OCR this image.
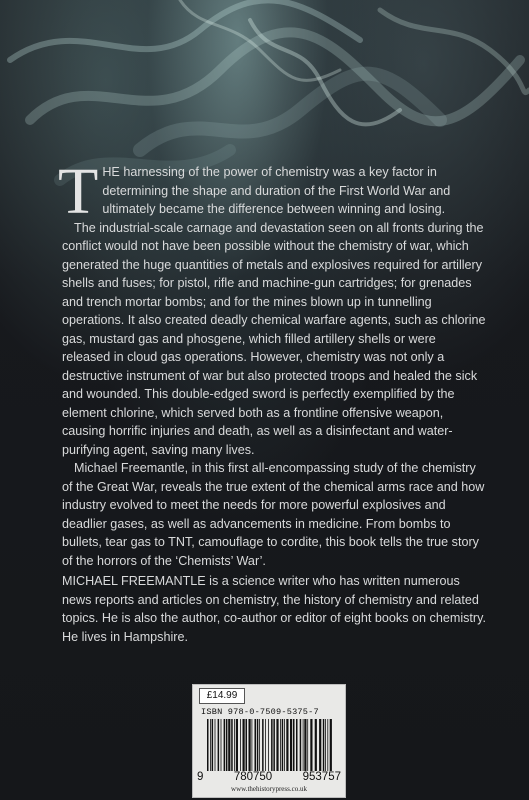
THE harnessing of the power of chemistry was a key factor in determining the shape and duration of the First World War and ultimately became the difference between winning and losing.

The industrial-scale carnage and devastation seen on all fronts during the conflict would not have been possible without the chemistry of war, which generated the huge quantities of metals and explosives required for artillery shells and fuses; for pistol, rifle and machine-gun cartridges; for grenades and trench mortar bombs; and for the mines blown up in tunnelling operations. It also created deadly chemical warfare agents, such as chlorine gas, mustard gas and phosgene, which filled artillery shells or were released in cloud gas operations. However, chemistry was not only a destructive instrument of war but also protected troops and healed the sick and wounded. This double-edged sword is perfectly exemplified by the element chlorine, which served both as a frontline offensive weapon, causing horrific injuries and death, as well as a disinfectant and water-purifying agent, saving many lives.

Michael Freemantle, in this first all-encompassing study of the chemistry of the Great War, reveals the true extent of the chemical arms race and how industry evolved to meet the needs for more powerful explosives and deadlier gases, as well as advancements in medicine. From bombs to bullets, tear gas to TNT, camouflage to cordite, this book tells the true story of the horrors of the ‘Chemists’ War’.

MICHAEL FREEMANTLE is a science writer who has written numerous news reports and articles on chemistry, the history of chemistry and related topics. He is also the author, co-author or editor of eight books on chemistry. He lives in Hampshire.

£14.99
ISBN 978-0-7509-5375-7
9	780750	953757
www.thehistorypress.co.uk
